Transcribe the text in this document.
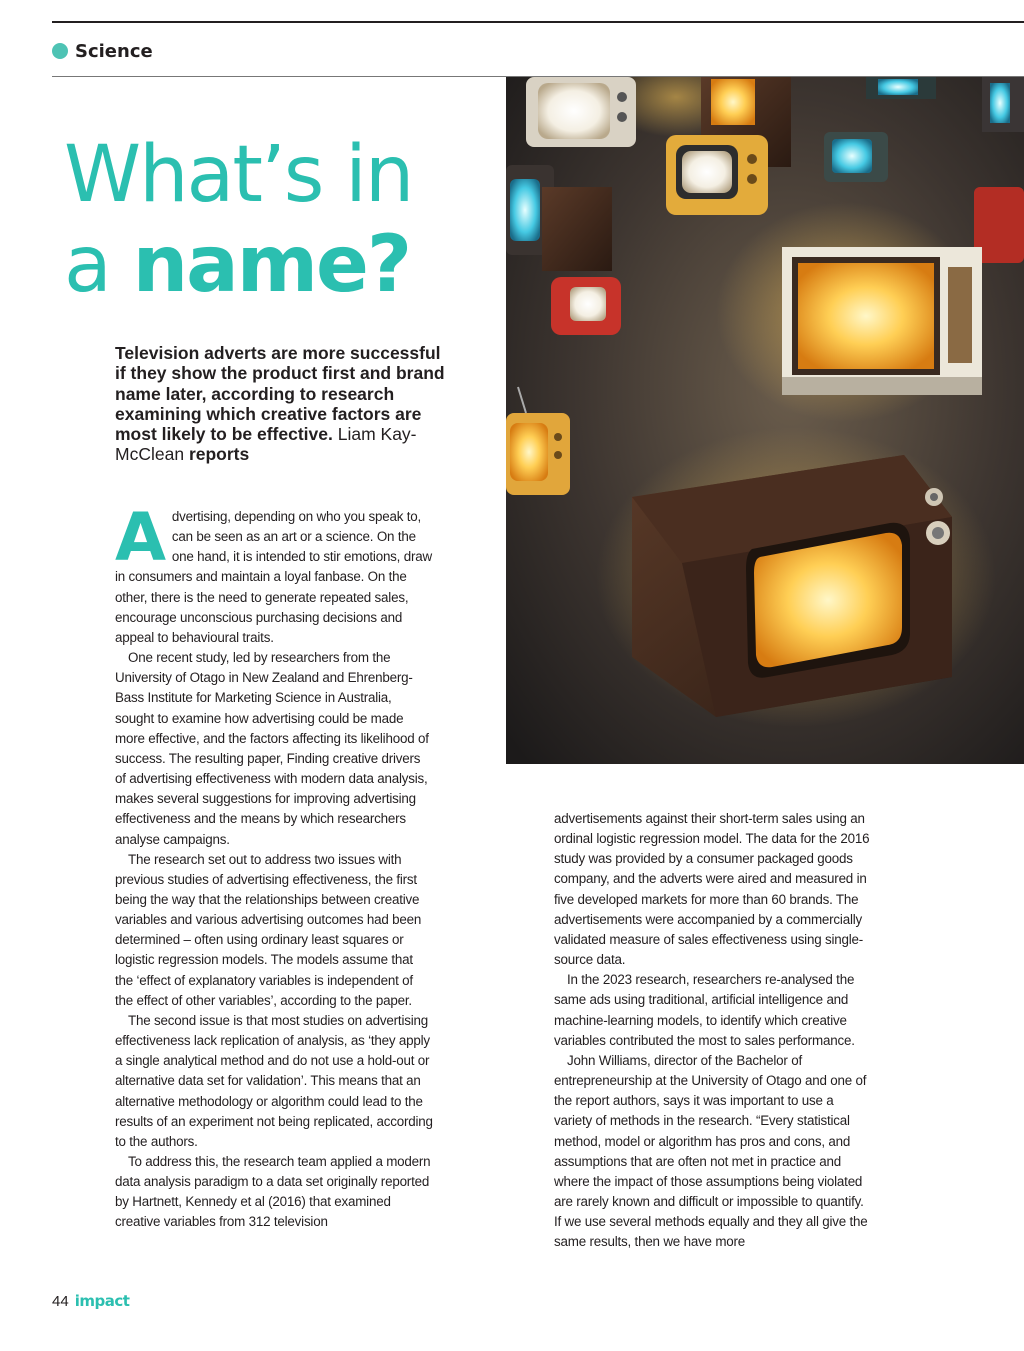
Science
What’s in
a name?
Television adverts are more successful if they show the product first and brand name later, according to research examining which creative factors are most likely to be effective. Liam Kay-McClean reports
A dvertising, depending on who you speak to, can be seen as an art or a science. On the one hand, it is intended to stir emotions, draw in consumers and maintain a loyal fanbase. On the other, there is the need to generate repeated sales, encourage unconscious purchasing decisions and appeal to behavioural traits.

One recent study, led by researchers from the University of Otago in New Zealand and Ehrenberg-Bass Institute for Marketing Science in Australia, sought to examine how advertising could be made more effective, and the factors affecting its likelihood of success. The resulting paper, Finding creative drivers of advertising effectiveness with modern data analysis, makes several suggestions for improving advertising effectiveness and the means by which researchers analyse campaigns.

The research set out to address two issues with previous studies of advertising effectiveness, the first being the way that the relationships between creative variables and various advertising outcomes had been determined – often using ordinary least squares or logistic regression models. The models assume that the ‘effect of explanatory variables is independent of the effect of other variables’, according to the paper.

The second issue is that most studies on advertising effectiveness lack replication of analysis, as ‘they apply a single analytical method and do not use a hold-out or alternative data set for validation’. This means that an alternative methodology or algorithm could lead to the results of an experiment not being replicated, according to the authors.

To address this, the research team applied a modern data analysis paradigm to a data set originally reported by Hartnett, Kennedy et al (2016) that examined creative variables from 312 television

advertisements against their short-term sales using an ordinal logistic regression model. The data for the 2016 study was provided by a consumer packaged goods company, and the adverts were aired and measured in five developed markets for more than 60 brands. The advertisements were accompanied by a commercially validated measure of sales effectiveness using single-source data.

In the 2023 research, researchers re-analysed the same ads using traditional, artificial intelligence and machine-learning models, to identify which creative variables contributed the most to sales performance.

John Williams, director of the Bachelor of entrepreneurship at the University of Otago and one of the report authors, says it was important to use a variety of methods in the research. “Every statistical method, model or algorithm has pros and cons, and assumptions that are often not met in practice and where the impact of those assumptions being violated are rarely known and difficult or impossible to quantify. If we use several methods equally and they all give the same results, then we have more

44 impact
